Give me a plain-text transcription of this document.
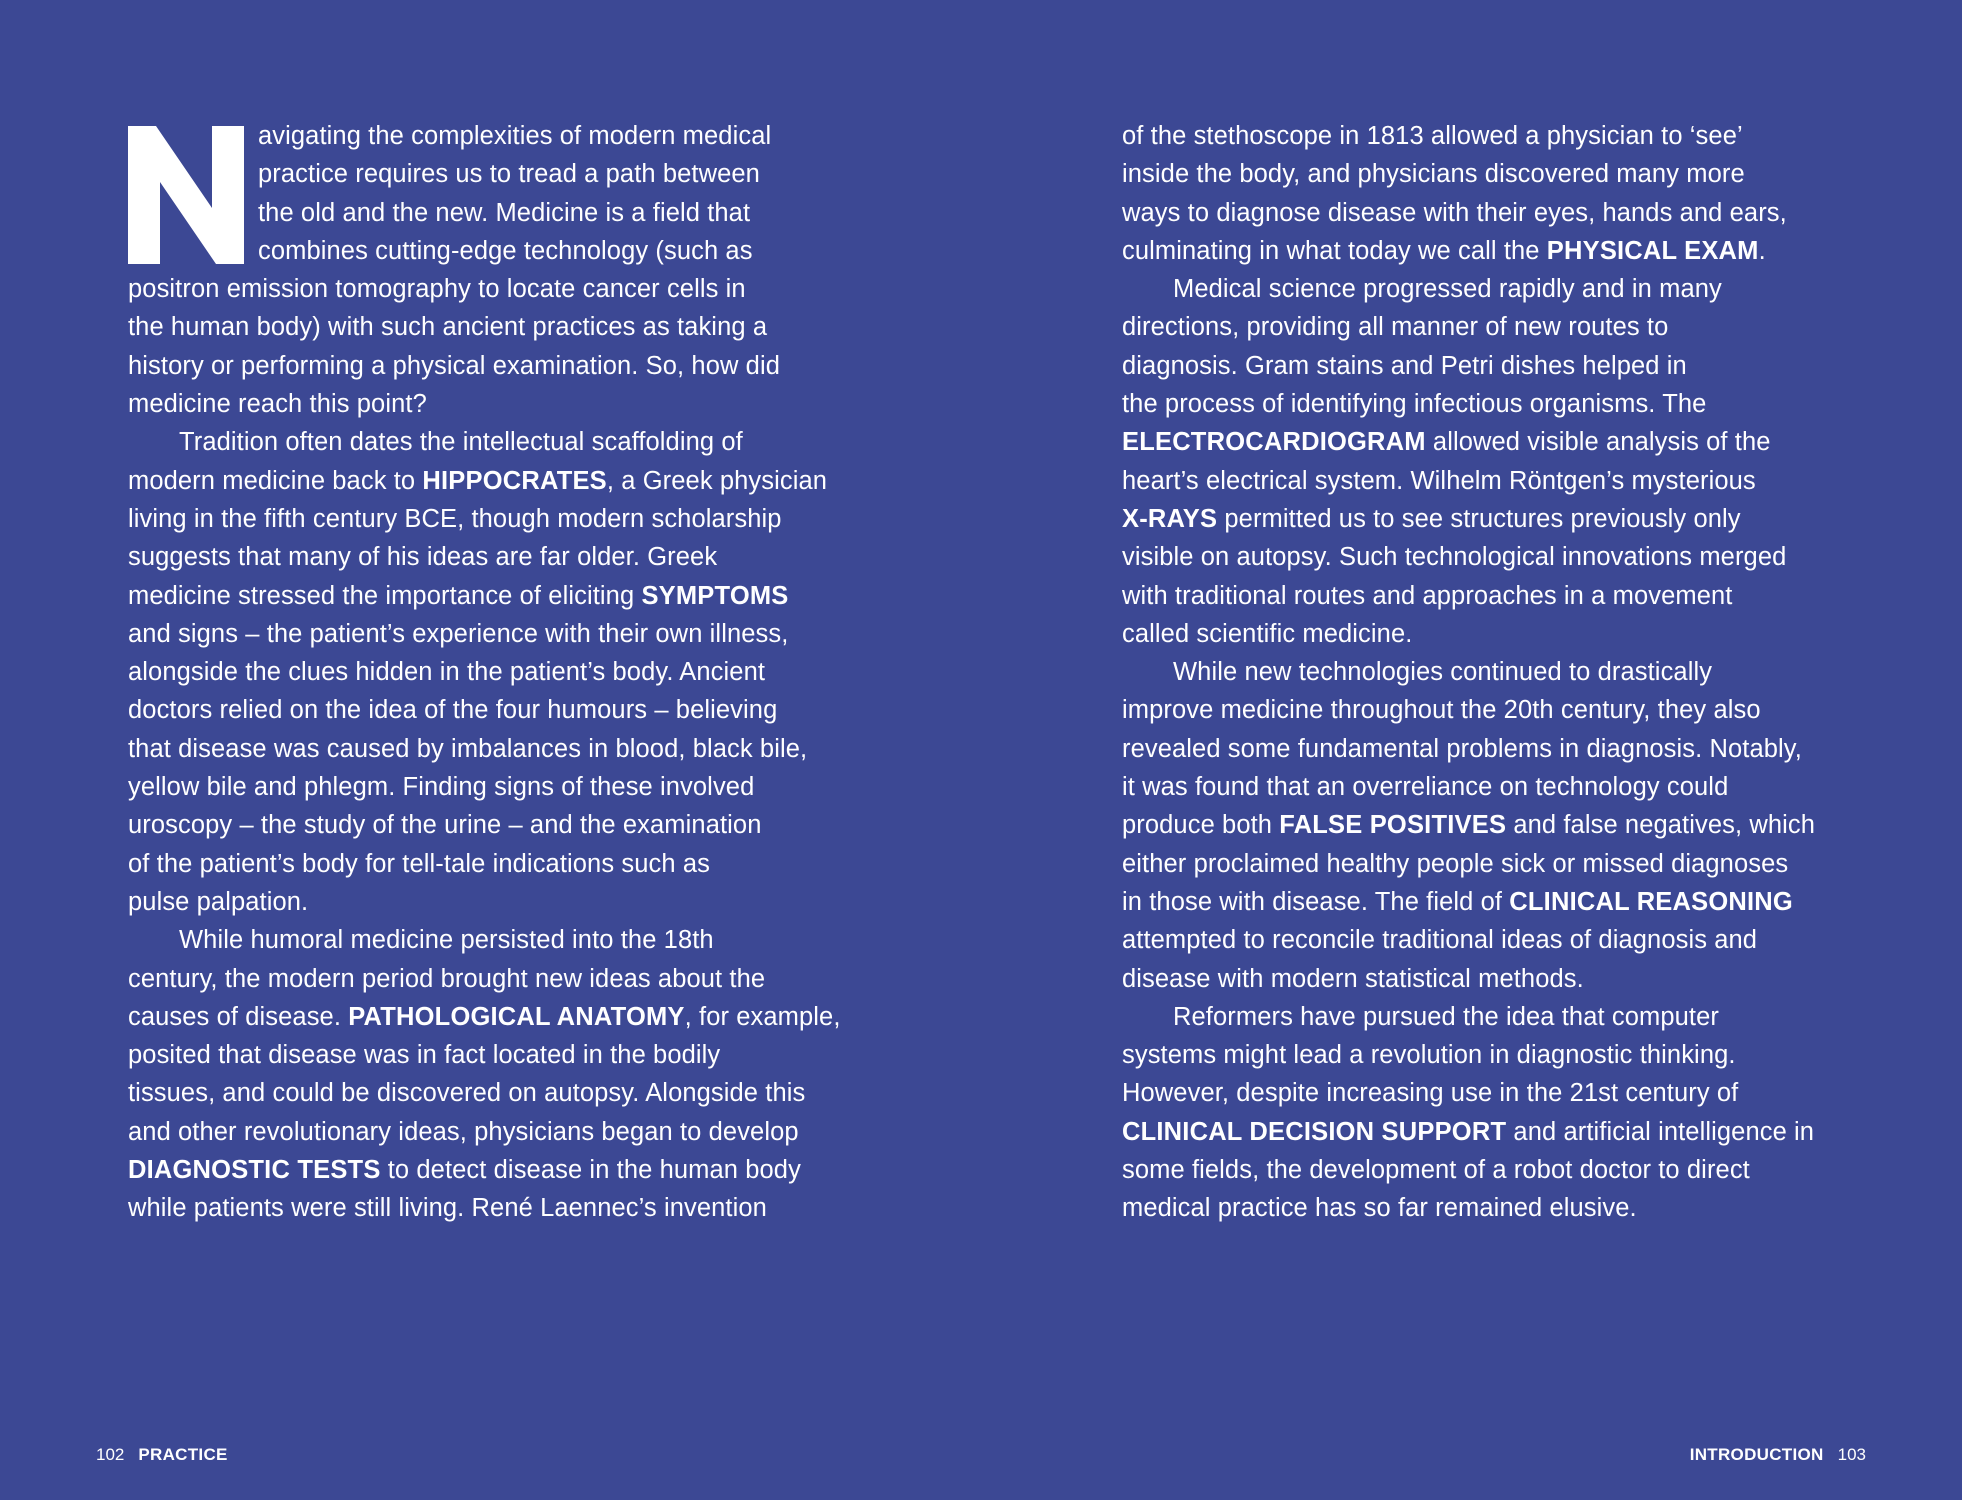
avigating the complexities of modern medical
practice requires us to tread a path between
the old and the new. Medicine is a field that
combines cutting-edge technology (such as
positron emission tomography to locate cancer cells in
the human body) with such ancient practices as taking a
history or performing a physical examination. So, how did
medicine reach this point?
Tradition often dates the intellectual scaffolding of
modern medicine back to HIPPOCRATES, a Greek physician
living in the fifth century BCE, though modern scholarship
suggests that many of his ideas are far older. Greek
medicine stressed the importance of eliciting SYMPTOMS
and signs – the patient’s experience with their own illness,
alongside the clues hidden in the patient’s body. Ancient
doctors relied on the idea of the four humours – believing
that disease was caused by imbalances in blood, black bile,
yellow bile and phlegm. Finding signs of these involved
uroscopy – the study of the urine – and the examination
of the patient’s body for tell-tale indications such as
pulse palpation.
While humoral medicine persisted into the 18th
century, the modern period brought new ideas about the
causes of disease. PATHOLOGICAL ANATOMY, for example,
posited that disease was in fact located in the bodily
tissues, and could be discovered on autopsy. Alongside this
and other revolutionary ideas, physicians began to develop
DIAGNOSTIC TESTS to detect disease in the human body
while patients were still living. René Laennec’s invention
102 PRACTICE
of the stethoscope in 1813 allowed a physician to ‘see’
inside the body, and physicians discovered many more
ways to diagnose disease with their eyes, hands and ears,
culminating in what today we call the PHYSICAL EXAM.
Medical science progressed rapidly and in many
directions, providing all manner of new routes to
diagnosis. Gram stains and Petri dishes helped in
the process of identifying infectious organisms. The
ELECTROCARDIOGRAM allowed visible analysis of the
heart’s electrical system. Wilhelm Röntgen’s mysterious
X-RAYS permitted us to see structures previously only
visible on autopsy. Such technological innovations merged
with traditional routes and approaches in a movement
called scientific medicine.
While new technologies continued to drastically
improve medicine throughout the 20th century, they also
revealed some fundamental problems in diagnosis. Notably,
it was found that an overreliance on technology could
produce both FALSE POSITIVES and false negatives, which
either proclaimed healthy people sick or missed diagnoses
in those with disease. The field of CLINICAL REASONING
attempted to reconcile traditional ideas of diagnosis and
disease with modern statistical methods.
Reformers have pursued the idea that computer
systems might lead a revolution in diagnostic thinking.
However, despite increasing use in the 21st century of
CLINICAL DECISION SUPPORT and artificial intelligence in
some fields, the development of a robot doctor to direct
medical practice has so far remained elusive.
INTRODUCTION 103
